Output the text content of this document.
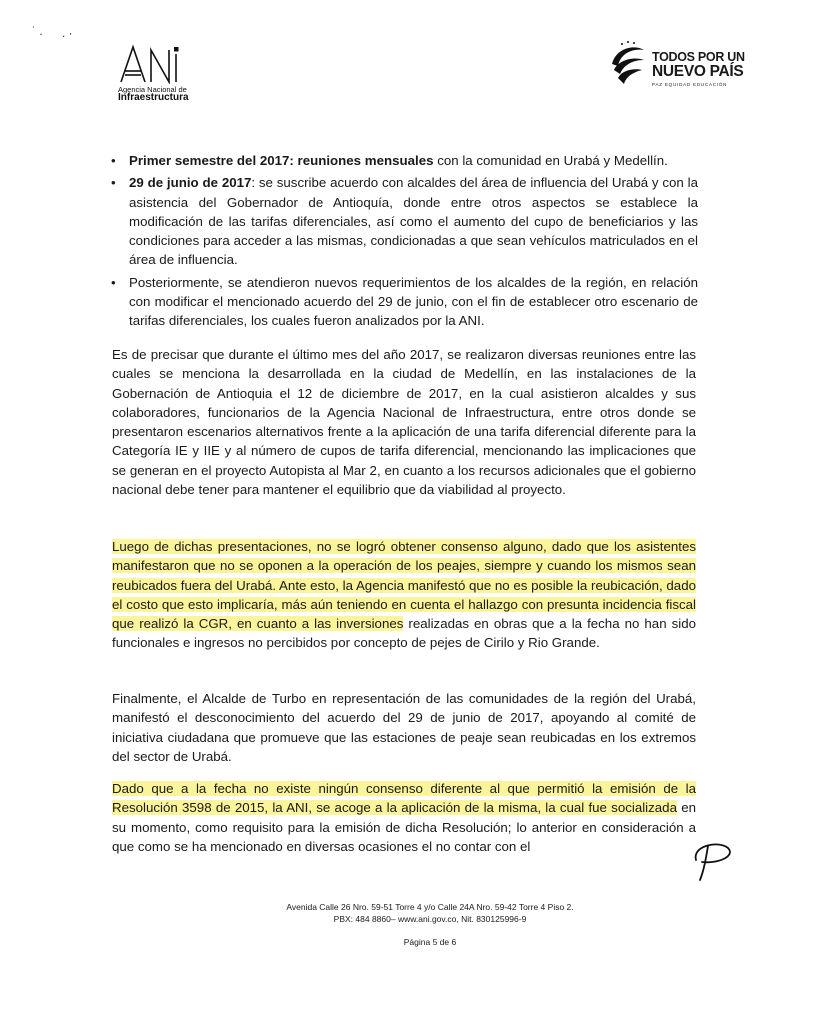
˙ . . ·
Agencia Nacional de
Infraestructura
TODOS POR UN
NUEVO PAÍS
PAZ EQUIDAD EDUCACIÓN
• Primer semestre del 2017: reuniones mensuales con la comunidad en Urabá y Medellín.
• 29 de junio de 2017: se suscribe acuerdo con alcaldes del área de influencia del Urabá y con la asistencia del Gobernador de Antioquía, donde entre otros aspectos se establece la modificación de las tarifas diferenciales, así como el aumento del cupo de beneficiarios y las condiciones para acceder a las mismas, condicionadas a que sean vehículos matriculados en el área de influencia.
• Posteriormente, se atendieron nuevos requerimientos de los alcaldes de la región, en relación con modificar el mencionado acuerdo del 29 de junio, con el fin de establecer otro escenario de tarifas diferenciales, los cuales fueron analizados por la ANI.
Es de precisar que durante el último mes del año 2017, se realizaron diversas reuniones entre las cuales se menciona la desarrollada en la ciudad de Medellín, en las instalaciones de la Gobernación de Antioquia el 12 de diciembre de 2017, en la cual asistieron alcaldes y sus colaboradores, funcionarios de la Agencia Nacional de Infraestructura, entre otros donde se presentaron escenarios alternativos frente a la aplicación de una tarifa diferencial diferente para la Categoría IE y IIE y al número de cupos de tarifa diferencial, mencionando las implicaciones que se generan en el proyecto Autopista al Mar 2, en cuanto a los recursos adicionales que el gobierno nacional debe tener para mantener el equilibrio que da viabilidad al proyecto.
Luego de dichas presentaciones, no se logró obtener consenso alguno, dado que los asistentes manifestaron que no se oponen a la operación de los peajes, siempre y cuando los mismos sean reubicados fuera del Urabá. Ante esto, la Agencia manifestó que no es posible la reubicación, dado el costo que esto implicaría, más aún teniendo en cuenta el hallazgo con presunta incidencia fiscal que realizó la CGR, en cuanto a las inversiones realizadas en obras que a la fecha no han sido funcionales e ingresos no percibidos por concepto de pejes de Cirilo y Rio Grande.
Finalmente, el Alcalde de Turbo en representación de las comunidades de la región del Urabá, manifestó el desconocimiento del acuerdo del 29 de junio de 2017, apoyando al comité de iniciativa ciudadana que promueve que las estaciones de peaje sean reubicadas en los extremos del sector de Urabá.
Dado que a la fecha no existe ningún consenso diferente al que permitió la emisión de la Resolución 3598 de 2015, la ANI, se acoge a la aplicación de la misma, la cual fue socializada en su momento, como requisito para la emisión de dicha Resolución; lo anterior en consideración a que como se ha mencionado en diversas ocasiones el no contar con el
Avenida Calle 26 Nro. 59-51 Torre 4 y/o Calle 24A Nro. 59-42 Torre 4 Piso 2.
PBX: 484 8860– www.ani.gov.co, Nit. 830125996-9
Página 5 de 6
